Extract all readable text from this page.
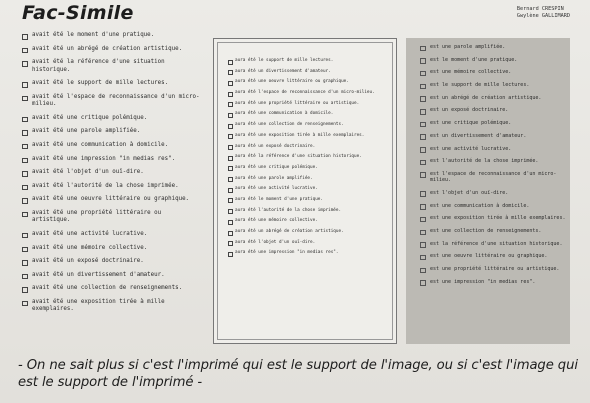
Fac-Simile	Bernard CRESPIN
Gwylène GALLIMARD
avait été le moment d'une pratique.
avait été un abrégé de création artistique.
avait été la référence d'une situation historique.
avait été le support de mille lectures.
avait été l'espace de reconnaissance d'un micro-milieu.
avait été une critique polémique.
avait été une parole amplifiée.
avait été une communication à domicile.
avait été une impression "in medias res".
avait été l'objet d'un ouï-dire.
avait été l'autorité de la chose imprimée.
avait été une oeuvre littéraire ou graphique.
avait été une propriété littéraire ou artistique.
avait été une activité lucrative.
avait été une mémoire collective.
avait été un exposé doctrinaire.
avait été un divertissement d'amateur.
avait été une collection de renseignements.
avait été une exposition tirée à mille exemplaires.
aura été le support de mille lectures.
aura été un divertissement d'amateur.
aura été une oeuvre littéraire ou graphique.
aura été l'espace de reconnaissance d'un micro-milieu.
aura été une propriété littéraire ou artistique.
aura été une communication à domicile.
aura été une collection de renseignements.
aura été une exposition tirée à mille exemplaires.
aura été un exposé doctrinaire.
aura été la référence d'une situation historique.
aura été une critique polémique.
aura été une parole amplifiée.
aura été une activité lucrative.
aura été le moment d'une pratique.
aura été l'autorité de la chose imprimée.
aura été une mémoire collective.
aura été un abrégé de création artistique.
aura été l'objet d'un ouï-dire.
aura été une impression "in medias res".
est une parole amplifiée.
est le moment d'une pratique.
est une mémoire collective.
est le support de mille lectures.
est un abrégé de création artistique.
est un exposé doctrinaire.
est une critique polémique.
est un divertissement d'amateur.
est une activité lucrative.
est l'autorité de la chose imprimée.
est l'espace de reconnaissance d'un micro-milieu.
est l'objet d'un ouï-dire.
est une communication à domicile.
est une exposition tirée à mille exemplaires.
est une collection de renseignements.
est la référence d'une situation historique.
est une oeuvre littéraire ou graphique.
est une propriété littéraire ou artistique.
est une impression "in medias res".
- On ne sait plus si c'est l'imprimé qui est le support de l'image, ou si c'est l'image qui est le support de l'imprimé -
